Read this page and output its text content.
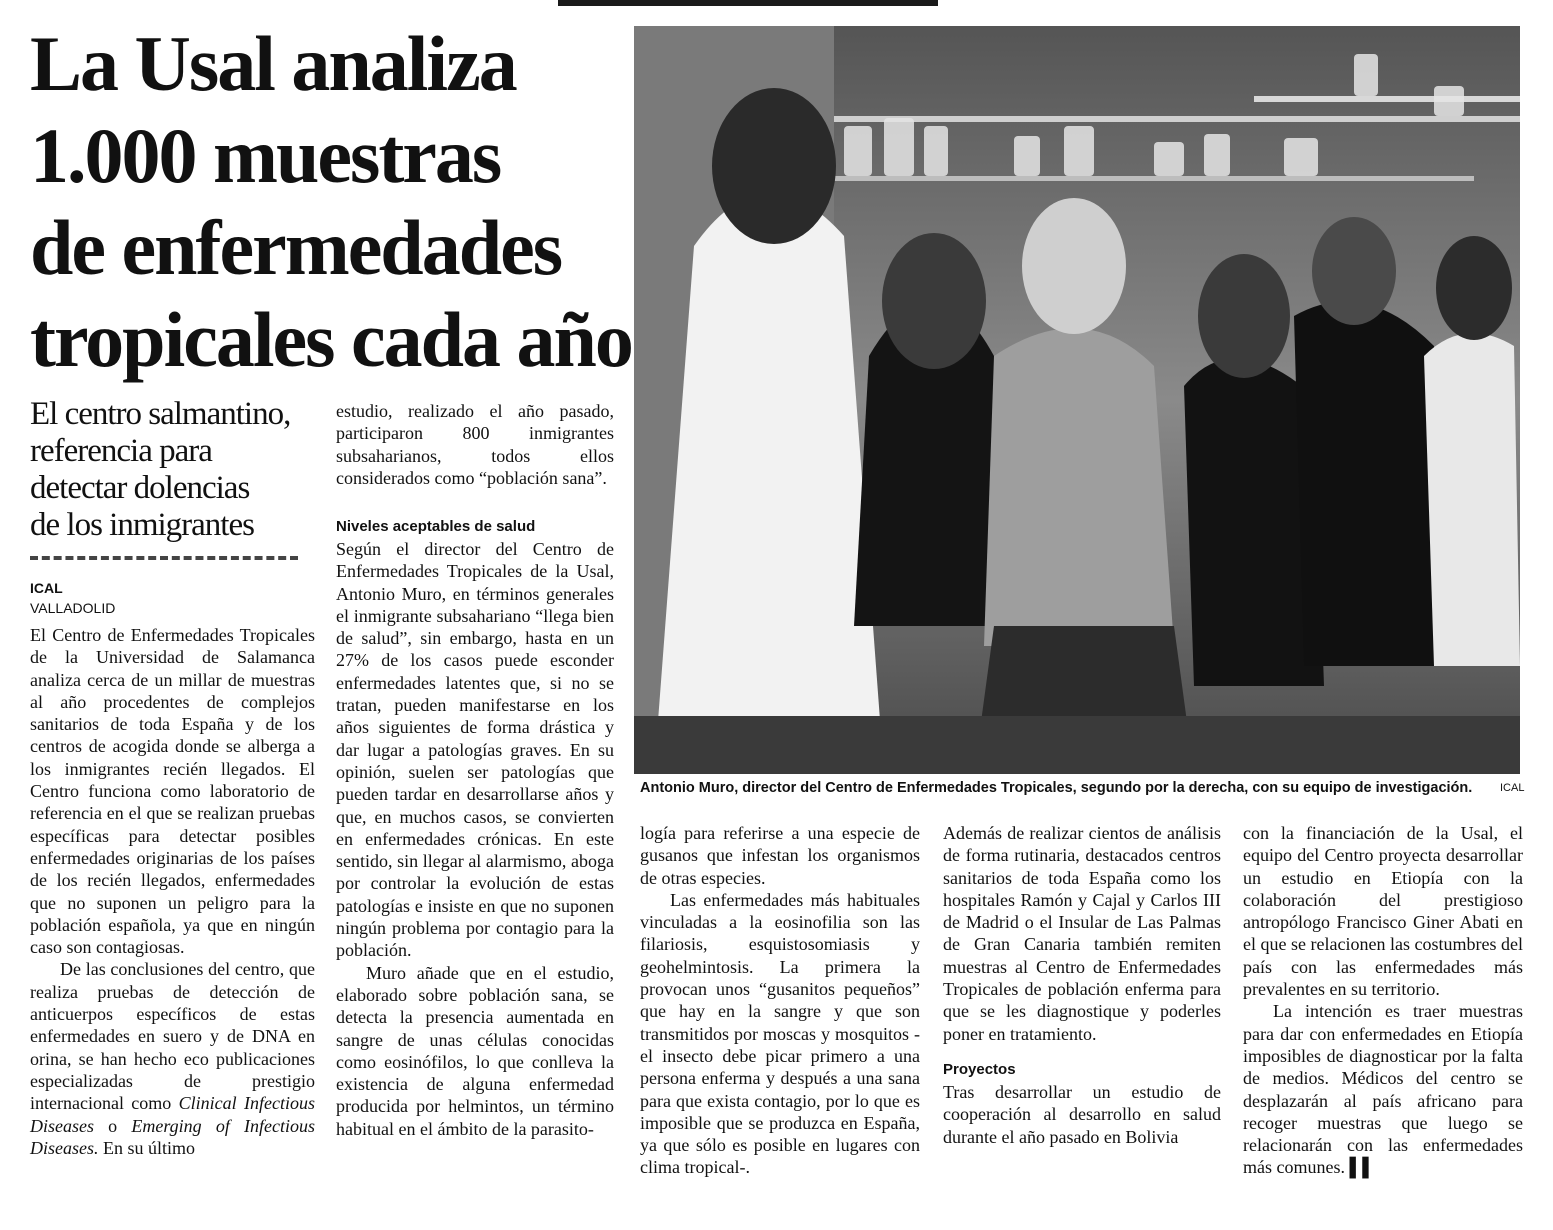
La Usal analiza
1.000 muestras
de enfermedades
tropicales cada año
El centro salmantino,
referencia para
detectar dolencias
de los inmigrantes
ICAL
VALLADOLID

El Centro de Enfermedades Tropicales de la Universidad de Salamanca analiza cerca de un millar de muestras al año procedentes de complejos sanitarios de toda España y de los centros de acogida donde se alberga a los inmigrantes recién llegados. El Centro funciona como laboratorio de referencia en el que se realizan pruebas específicas para detectar posibles enfermedades originarias de los países de los recién llegados, enfermedades que no suponen un peligro para la población española, ya que en ningún caso son contagiosas.

De las conclusiones del centro, que realiza pruebas de detección de anticuerpos específicos de estas enfermedades en suero y de DNA en orina, se han hecho eco publicaciones especializadas de prestigio internacional como Clinical Infectious Diseases o Emerging of Infectious Diseases. En su último

estudio, realizado el año pasado, participaron 800 inmigrantes subsaharianos, todos ellos considerados como “población sana”.

Niveles aceptables de salud

Según el director del Centro de Enfermedades Tropicales de la Usal, Antonio Muro, en términos generales el inmigrante subsahariano “llega bien de salud”, sin embargo, hasta en un 27% de los casos puede esconder enfermedades latentes que, si no se tratan, pueden manifestarse en los años siguientes de forma drástica y dar lugar a patologías graves. En su opinión, suelen ser patologías que pueden tardar en desarrollarse años y que, en muchos casos, se convierten en enfermedades crónicas. En este sentido, sin llegar al alarmismo, aboga por controlar la evolución de estas patologías e insiste en que no suponen ningún problema por contagio para la población.

Muro añade que en el estudio, elaborado sobre población sana, se detecta la presencia aumentada en sangre de unas células conocidas como eosinófilos, lo que conlleva la existencia de alguna enfermedad producida por helmintos, un término habitual en el ámbito de la parasito-

Antonio Muro, director del Centro de Enfermedades Tropicales, segundo por la derecha, con su equipo de investigación.	ICAL

logía para referirse a una especie de gusanos que infestan los organismos de otras especies.

Las enfermedades más habituales vinculadas a la eosinofilia son las filariosis, esquistosomiasis y geohelmintosis. La primera la provocan unos “gusanitos pequeños” que hay en la sangre y que son transmitidos por moscas y mosquitos -el insecto debe picar primero a una persona enferma y después a una sana para que exista contagio, por lo que es imposible que se produzca en España, ya que sólo es posible en lugares con clima tropical-.

Además de realizar cientos de análisis de forma rutinaria, destacados centros sanitarios de toda España como los hospitales Ramón y Cajal y Carlos III de Madrid o el Insular de Las Palmas de Gran Canaria también remiten muestras al Centro de Enfermedades Tropicales de población enferma para que se les diagnostique y poderles poner en tratamiento.

Proyectos

Tras desarrollar un estudio de cooperación al desarrollo en salud durante el año pasado en Bolivia

con la financiación de la Usal, el equipo del Centro proyecta desarrollar un estudio en Etiopía con la colaboración del prestigioso antropólogo Francisco Giner Abati en el que se relacionen las costumbres del país con las enfermedades más prevalentes en su territorio.

La intención es traer muestras para dar con enfermedades en Etiopía imposibles de diagnosticar por la falta de medios. Médicos del centro se desplazarán al país africano para recoger muestras que luego se relacionarán con las enfermedades más comunes. ▌▌
